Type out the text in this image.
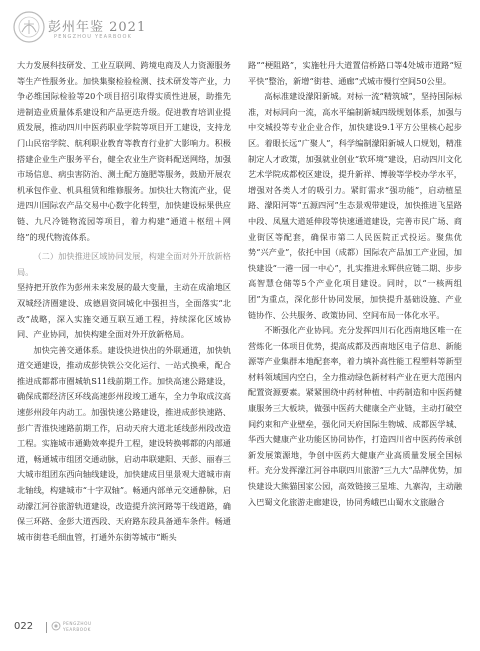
彭州年鉴 2021
PENGZHOU YEARBOOK

大力发展科技研发、工业互联网、跨境电商及人力资源服务等生产性服务业。加快集聚检验检测、技术研发等产业，力争必维国际检验等20个项目招引取得实质性进展，助推先进制造业质量体系建设和产品更迭升级。促进教育培训业提质发展，推动四川中医药职业学院等项目开工建设，支持龙门山民宿学院、航利职业教育等教育行业扩大影响力。积极搭建企业生产服务平台，健全农业生产资料配送网络，加强市场信息、病虫害防治、测土配方施肥等服务，鼓励开展农机承包作业、机具租赁和维修服务。加快壮大物流产业，促进四川国际农产品交易中心数字化转型，加快建设标果供应链、九尺冷链物流园等项目，着力构建“通道＋枢纽＋网络”的现代物流体系。

（二）加快推进区域协同发展，构建全面对外开放新格局。

坚持把开放作为彭州未来发展的最大变量，主动在成渝地区双城经济圈建设、成德眉资同城化中强担当，全面落实“北改”战略，深入实施交通互联互通工程，持续深化区域协同、产业协同，加快构建全面对外开放新格局。

加快完善交通体系。建设快进快出的外联通道，加快轨道交通建设，推动成彭快铁公交化运行、一站式换乘，配合推进成都都市圈城轨S11线前期工作。加快高速公路建设，确保成都经济区环线高速彭州段竣工通车，全力争取成汶高速彭州段年内动工。加强快速公路建设，推进成彭快速路、彭广青淮快速路前期工作，启动天府大道北延线彭州段改造工程。实施城市通勤效率提升工程，建设转换郫都的内部通道，畅通城市组团交通动脉，启动串联建阳、天彭、丽春三大城市组团东西向轴线建设，加快建成目里景观大道城市南北轴线，构建城市“十字双轴”。畅通内部单元交通静脉，启动濛江河谷旅游轨道建设，改造提升滨河路等干线道路，确保三环路、金彭大道西段、天府路东段具备通车条件。畅通城市街巷毛细血管，打通外东街等城市“断头

路”“梗阻路”，实施牡丹大道置信桥路口等4处城市道路“短平快”整治，新增“街巷、通廊”式城市慢行空间50公里。

高标准建设濛阳新城。对标一流“精筑城”，坚持国际标准，对标同向一流，高水平编制新城四级规划体系，加强与中交城投等专业企业合作，加快建设9.1平方公里核心起步区。着眼长远“广聚人”，科学编制濛阳新城人口规划，精准制定人才政策，加强就业创业“软环境”建设，启动四川文化艺术学院成都校区建设，提升新祥、博骏等学校办学水平，增强对各类人才的吸引力。紧盯需求“强功能”，启动植星路、濛阳河等“五源四河”生态景观带建设，加快推进飞星路中段、凤凰大道延伸段等快速通道建设，完善市民广场、商业街区等配套，确保市第二人民医院正式投运。聚焦优势“兴产业”，依托中国（成都）国际农产品加工产业园，加快建设“一港一园一中心”，扎实推进永辉供应链二期、步步高智慧仓储等5个产业化项目建设。同时，以“一核两组团”为重点，深化彭什协同发展，加快提升基础设施、产业链协作、公共服务、政策协同、空间布局一体化水平。

不断强化产业协同。充分发挥四川石化西南地区唯一在营炼化一体项目优势，提高成都及西南地区电子信息、新能源等产业集群本地配套率，着力填补高性能工程塑料等新型材料领域国内空白，全力推动绿色新材料产业在更大范围内配置资源要素。紧紧围绕中药材种植、中药制造和中医药健康服务三大板块，做强中医药大健康全产业链，主动打破空间约束和产业壁垒，强化同天府国际生物城、成都医学城、华西大健康产业功能区协同协作，打造四川省中医药传承创新发展策源地，争创中医药大健康产业高质量发展全国标杆。充分发挥濛江河谷串联四川旅游“三九大”品牌优势，加快建设大熊猫国家公园，高效链接三星堆、九寨沟，主动融入巴蜀文化旅游走廊建设，协同秀峨巴山蜀水文旅融合

022	PENGZHOU
YEARBOOK
